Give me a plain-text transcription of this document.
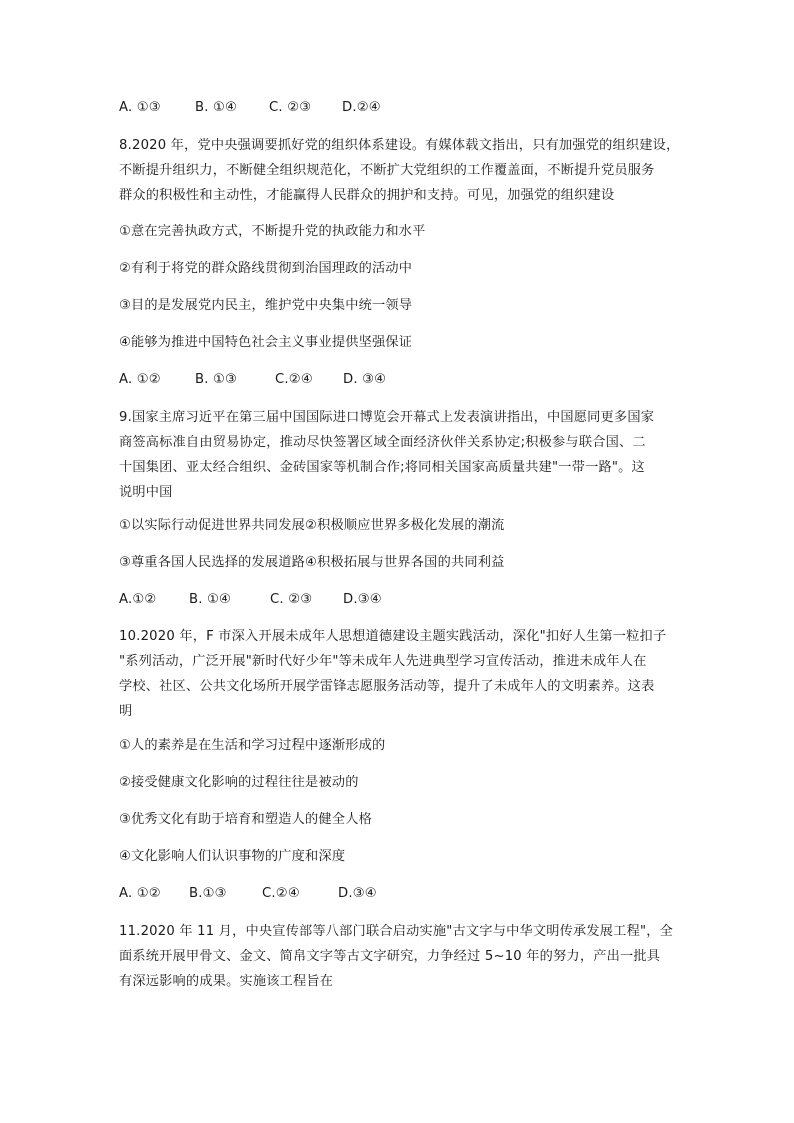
A. ①③	B. ①④ C. ②③ D.②④
8.2020 年，党中央强调要抓好党的组织体系建设。有媒体载文指出，只有加强党的组织建设，
不断提升组织力，不断健全组织规范化，不断扩大党组织的工作覆盖面，不断提升党员服务
群众的积极性和主动性，才能赢得人民群众的拥护和支持。可见，加强党的组织建设
①意在完善执政方式，不断提升党的执政能力和水平
②有利于将党的群众路线贯彻到治国理政的活动中
③目的是发展党内民主，维护党中央集中统一领导
④能够为推进中国特色社会主义事业提供坚强保证
A. ①②	B. ①③	C.②④ D. ③④
9.国家主席习近平在第三届中国国际进口博览会开幕式上发表演讲指出，中国愿同更多国家
商签高标准自由贸易协定，推动尽快签署区域全面经济伙伴关系协定;积极参与联合国、二
十国集团、亚太经合组织、金砖国家等机制合作;将同相关国家高质量共建"一带一路"。这
说明中国
①以实际行动促进世界共同发展②积极顺应世界多极化发展的潮流
③尊重各国人民选择的发展道路④积极拓展与世界各国的共同利益
A.①② B. ①④	C. ②③ D.③④
10.2020 年，F 市深入开展未成年人思想道德建设主题实践活动，深化"扣好人生第一粒扣子
"系列活动，广泛开展"新时代好少年"等未成年人先进典型学习宣传活动，推进未成年人在
学校、社区、公共文化场所开展学雷锋志愿服务活动等，提升了未成年人的文明素养。这表
明
①人的素养是在生活和学习过程中逐渐形成的
②接受健康文化影响的过程往往是被动的
③优秀文化有助于培育和塑造人的健全人格
④文化影响人们认识事物的广度和深度
A. ①② B.①③	C.②④	D.③④
11.2020 年 11 月，中央宣传部等八部门联合启动实施"古文字与中华文明传承发展工程"，全
面系统开展甲骨文、金文、简帛文字等古文字研究，力争经过 5~10 年的努力，产出一批具
有深远影响的成果。实施该工程旨在
